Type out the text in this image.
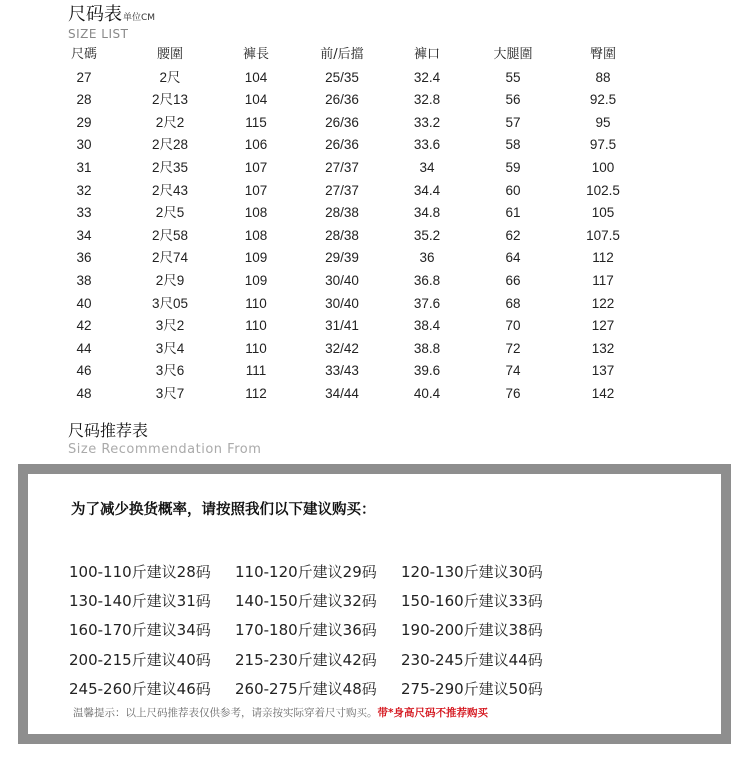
尺码表单位CM
SIZE LIST
尺碼	腰圍	褲長	前/后擋	褲口	大腿圍	臀圍
27	2尺	104	25/35	32.4	55	88
28	2尺13	104	26/36	32.8	56	92.5
29	2尺2	115	26/36	33.2	57	95
30	2尺28	106	26/36	33.6	58	97.5
31	2尺35	107	27/37	34	59	100
32	2尺43	107	27/37	34.4	60	102.5
33	2尺5	108	28/38	34.8	61	105
34	2尺58	108	28/38	35.2	62	107.5
36	2尺74	109	29/39	36	64	112
38	2尺9	109	30/40	36.8	66	117
40	3尺05	110	30/40	37.6	68	122
42	3尺2	110	31/41	38.4	70	127
44	3尺4	110	32/42	38.8	72	132
46	3尺6	111	33/43	39.6	74	137
48	3尺7	112	34/44	40.4	76	142
尺码推荐表
Size Recommendation From
为了减少换货概率，请按照我们以下建议购买：
100-110斤建议28码 110-120斤建议29码 120-130斤建议30码
130-140斤建议31码 140-150斤建议32码 150-160斤建议33码
160-170斤建议34码 170-180斤建议36码 190-200斤建议38码
200-215斤建议40码 215-230斤建议42码 230-245斤建议44码
245-260斤建议46码 260-275斤建议48码 275-290斤建议50码
温馨提示：以上尺码推荐表仅供参考，请亲按实际穿着尺寸购买。带*身高尺码不推荐购买
